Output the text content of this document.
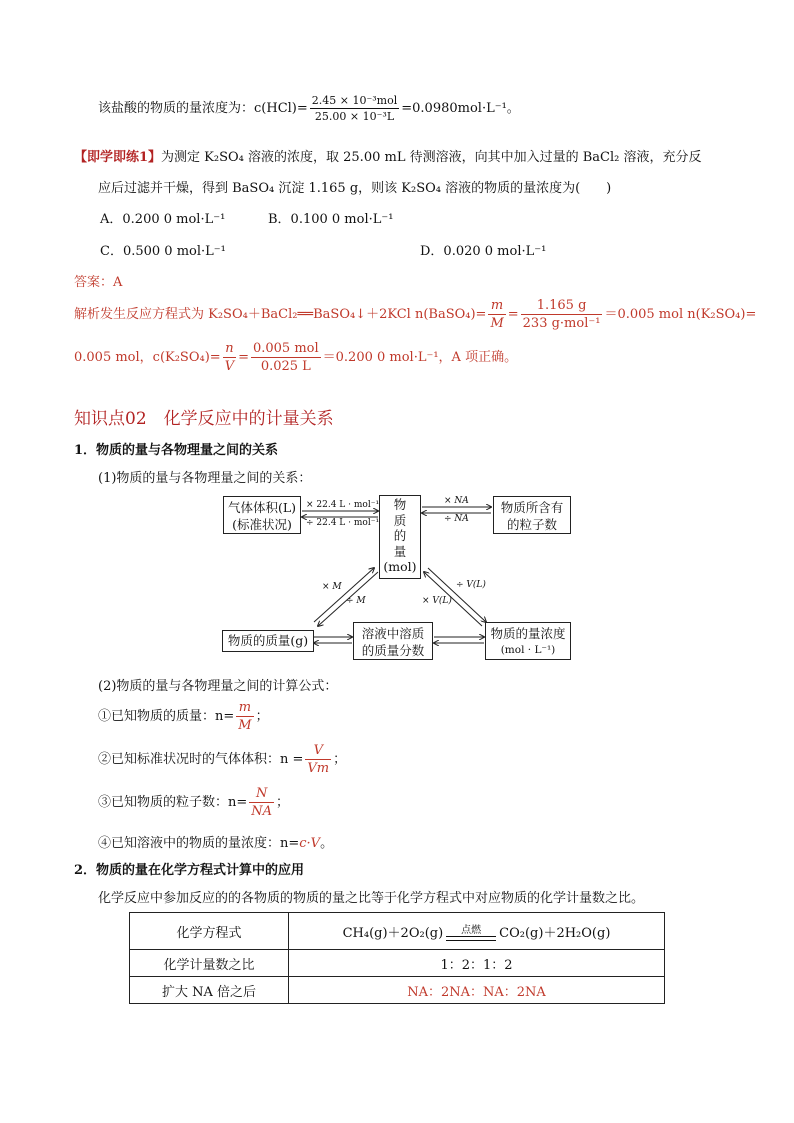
该盐酸的物质的量浓度为：$c(HCl)= \frac{\text{2.45 × 10⁻³mol}}{\text{25.00 × 10⁻³L}} =0.0980mol\cdot L^{-1}$。
【即学即练1】为测定 K₂SO₄ 溶液的浓度，取 25.00 mL 待测溶液，向其中加入过量的 BaCl₂ 溶液，充分反
应后过滤并干燥，得到 BaSO₄ 沉淀 1.165 g，则该 K₂SO₄ 溶液的物质的量浓度为(　　)
A．0.200 0 mol·L⁻¹	B．0.100 0 mol·L⁻¹
C．0.500 0 mol·L⁻¹	D．0.020 0 mol·L⁻¹
答案：A
解析发生反应方程式为 K₂SO₄＋BaCl₂══BaSO₄↓＋2KCl n(BaSO₄)= $\frac{m}{M} = \frac{1.165 g}{\text{233 g·mol⁻¹}} =0.005$ mol n(K₂SO₄)=
0.005 mol，$c(K_2SO_4)= \frac{n}{V} = \frac{\text{0.005 mol}}{0.025 L} =0.200$ 0 mol·L⁻¹，A 项正确。
知识点02　化学反应中的计量关系
1．物质的量与各物理量之间的关系
(1)物质的量与各物理量之间的关系：
气体体积(L)
(标准状况)
物
质
的
量
(mol)
物质所含有
的粒子数
物质的质量(g)	溶液中溶质
的质量分数
物质的量浓度
(mol · L⁻¹)
× 22.4 L · mol⁻¹
÷ 22.4 L · mol⁻¹
× NA
÷ NA
× M
÷ M
÷ V(L)
× V(L)
(2)物质的量与各物理量之间的计算公式：
①已知物质的质量：$n= \frac{m}{M}$ ；
②已知标准状况时的气体体积：$n = \frac{V}{Vm}$ ；
③已知物质的粒子数：$n= \frac{N}{NA}$ ；
④已知溶液中的物质的量浓度：n=c·V。
2．物质的量在化学方程式计算中的应用
化学反应中参加反应的的各物质的物质的量之比等于化学方程式中对应物质的化学计量数之比。
化学方程式	CH₄(g)＋2O₂(g) 点燃 CO₂(g)＋2H₂O(g)
化学计量数之比	1：2：1：2
扩大 NA 倍之后	NA：2NA：NA：2NA
